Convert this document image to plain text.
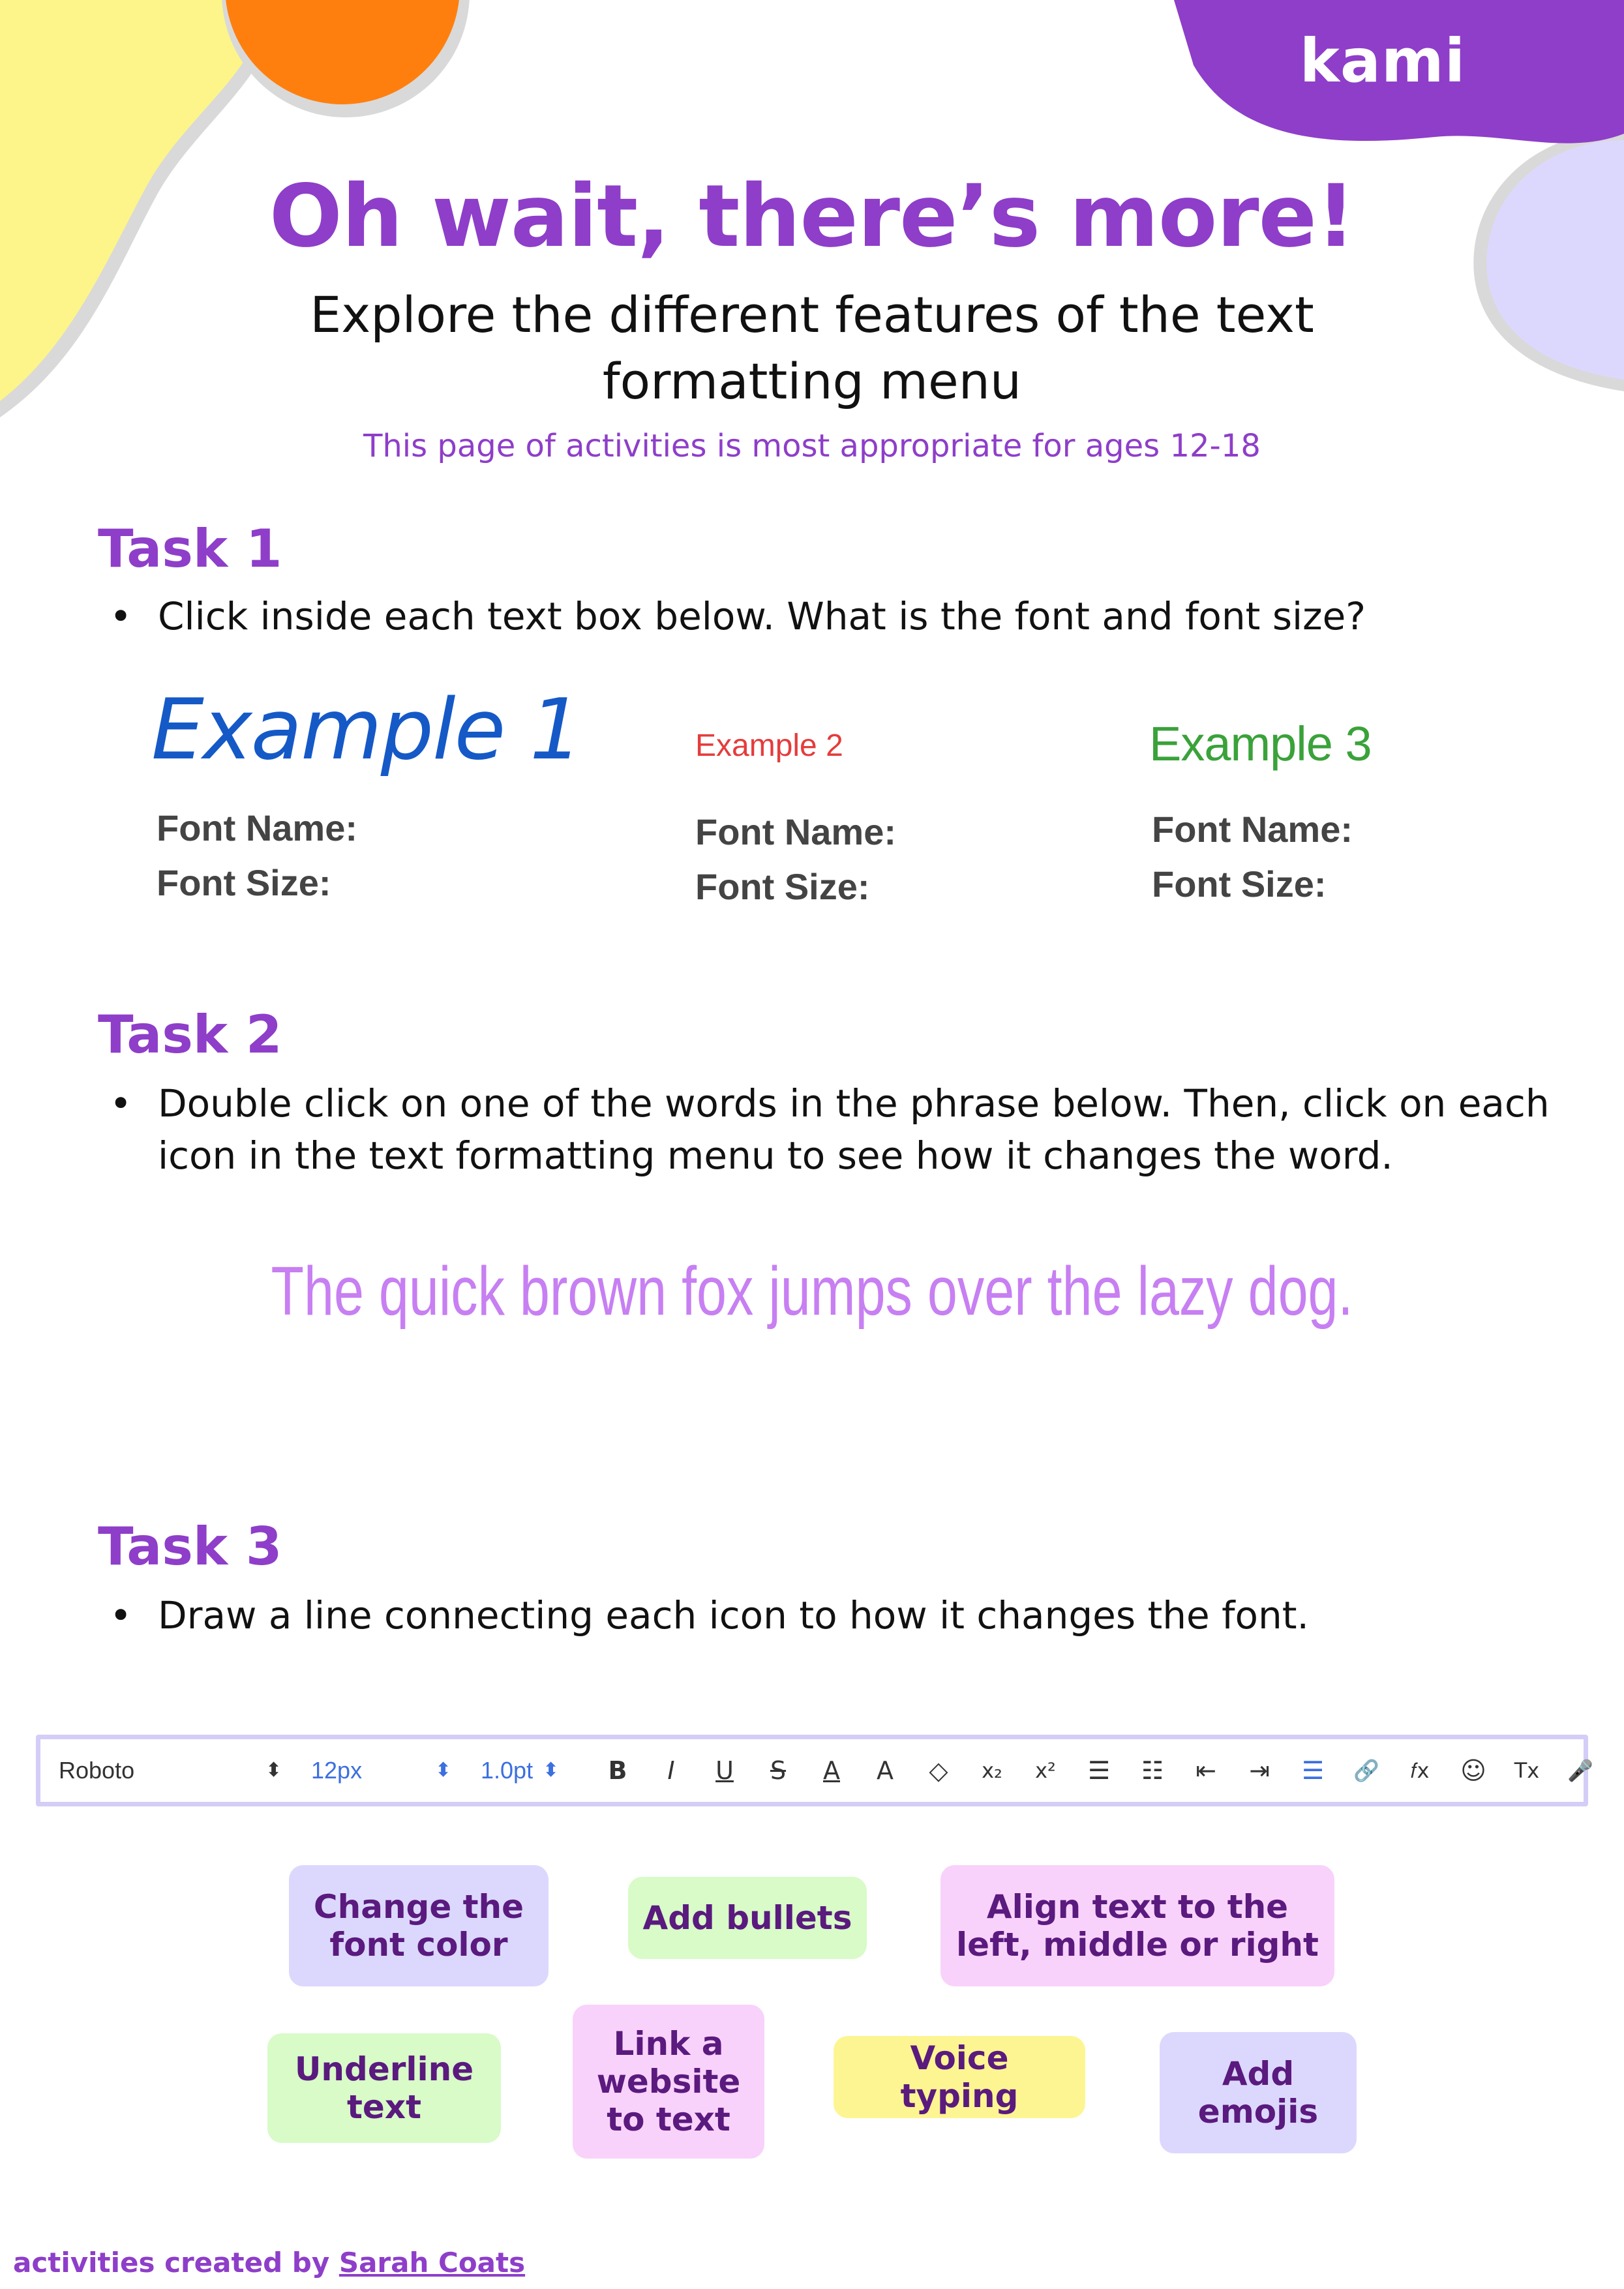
kami
Oh wait, there’s more!
Explore the different features of the text formatting menu
This page of activities is most appropriate for ages 12-18
Task 1
• Click inside each text box below. What is the font and font size?
Example 1
Font Name:
Font Size:
Example 2
Font Name:
Font Size:
Example 3
Font Name:
Font Size:
Task 2
• Double click on one of the words in the phrase below. Then, click on each icon in the text formatting menu to see how it changes the word.
The quick brown fox jumps over the lazy dog.
Task 3
• Draw a line connecting each icon to how it changes the font.
Roboto	⬍ 12px	⬍ 1.0pt ⬍	B	I	U	S	A	A	◇	x₂	x²	☰	☷	⇤	⇥	☰	🔗	𝑓x	☺	Tx	🎤
Change the font color
Add bullets	Align text to the left, middle or right
Underline text
Link a website to text
Voice typing
Add emojis
activities created by Sarah Coats
